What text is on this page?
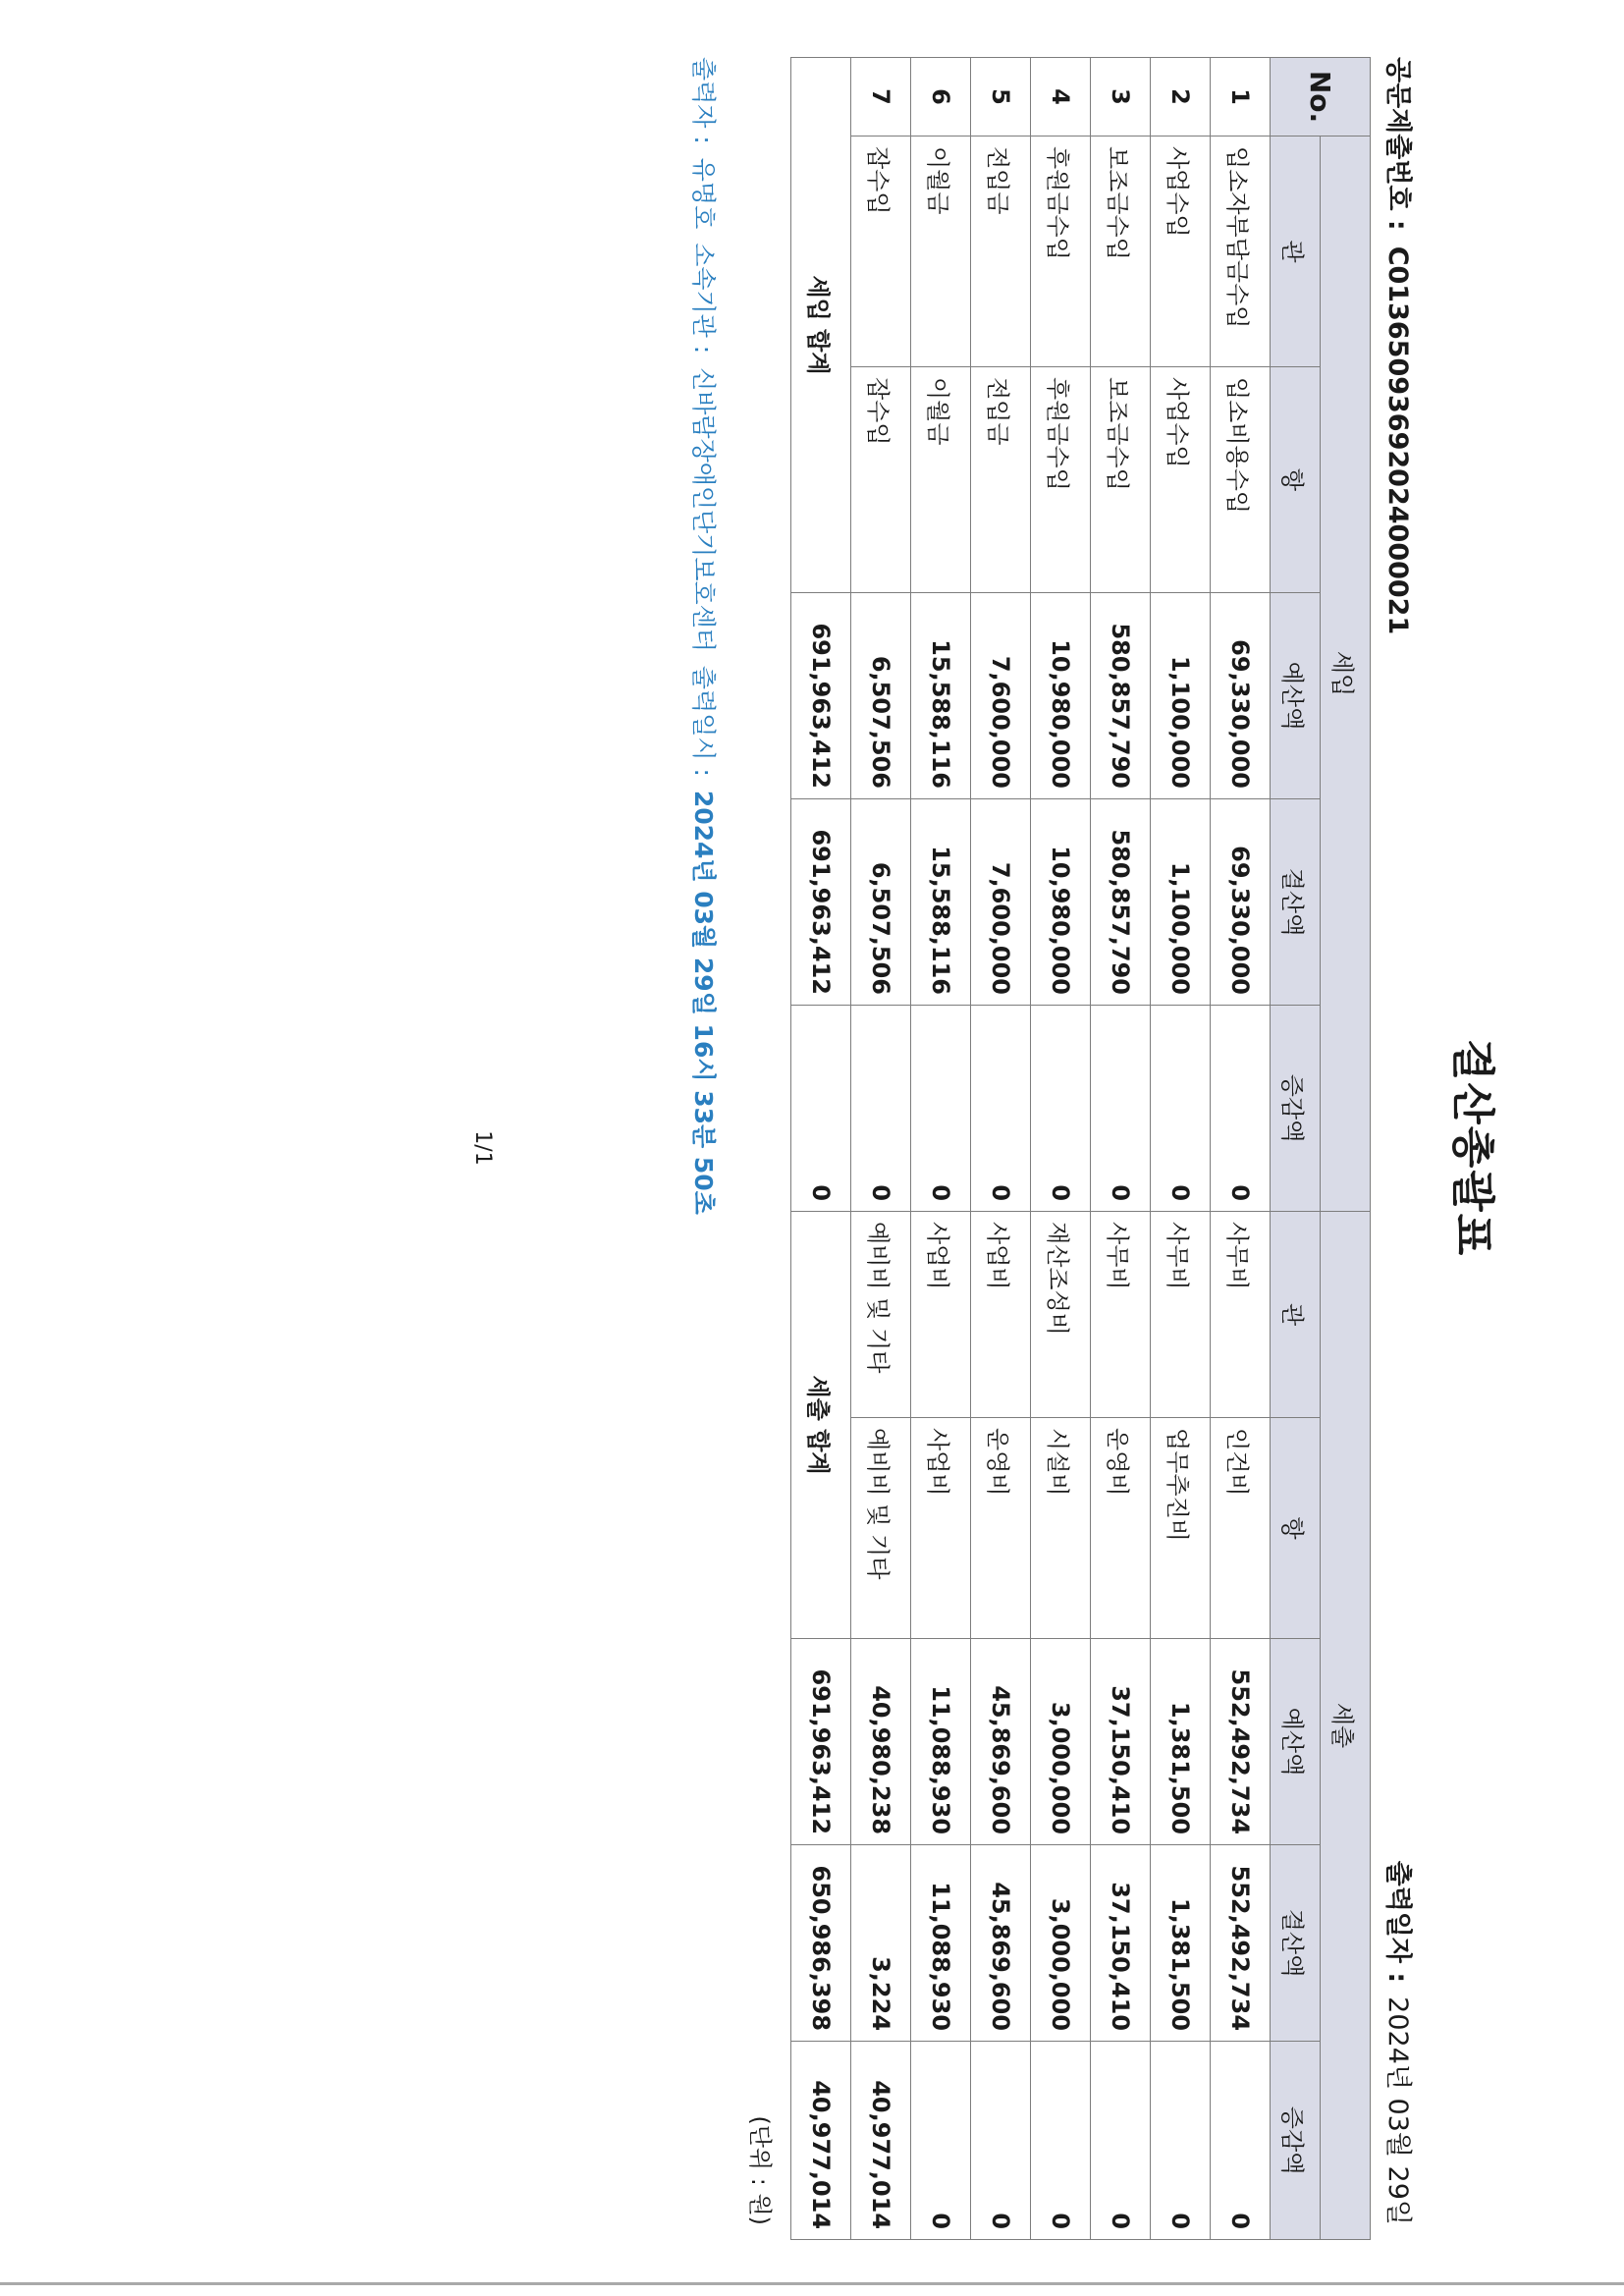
결산총괄표
공문제출번호 :C01365093692024000021
출력일자 :2024년 03월 29일
No.	세입					세출				
	관	항	예산액	결산액	증감액	관	항	예산액	결산액	증감액
1	입소자부담금수입	입소비용수입	69,330,000	69,330,000	0	사무비	인건비	552,492,734	552,492,734	0
2	사업수입	사업수입	1,100,000	1,100,000	0	사무비	업무추진비	1,381,500	1,381,500	0
3	보조금수입	보조금수입	580,857,790	580,857,790	0	사무비	운영비	37,150,410	37,150,410	0
4	후원금수입	후원금수입	10,980,000	10,980,000	0	재산조성비	시설비	3,000,000	3,000,000	0
5	전입금	전입금	7,600,000	7,600,000	0	사업비	운영비	45,869,600	45,869,600	0
6	이월금	이월금	15,588,116	15,588,116	0	사업비	사업비	11,088,930	11,088,930	0
7	잡수입	잡수입	6,507,506	6,507,506	0	예비비 및 기타	예비비 및 기타	40,980,238	3,224	40,977,014
세입 합계			691,963,412	691,963,412	0	세출 합계		691,963,412	650,986,398	40,977,014
(단위 : 원)
출력자 : 유명호 소속기관 : 신바람장애인단기보호센터 출력일시 : 2024년 03월 29일 16시 33분 50초
1/1
